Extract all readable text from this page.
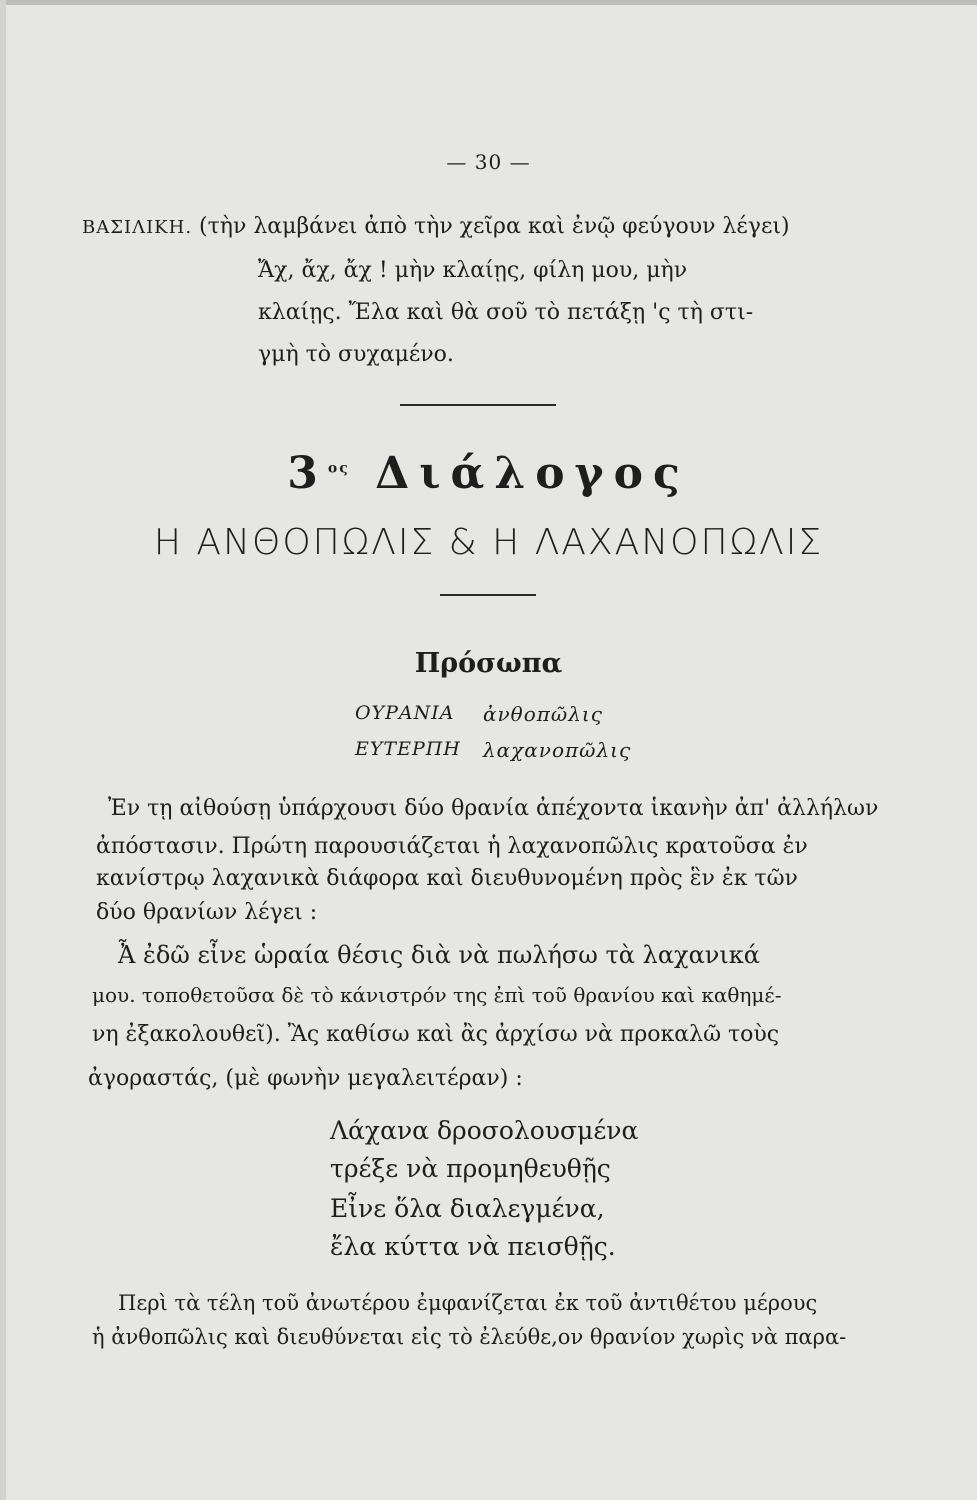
— 30 —
ΒΑΣΙΛΙΚΗ. (τὴν λαμβάνει ἀπὸ τὴν χεῖρα καὶ ἐνῷ φεύγουν λέγει)
Ἄχ, ἄχ, ἄχ ! μὴν κλαίῃς, φίλη μου, μὴν
κλαίῃς. Ἔλα καὶ θὰ σοῦ τὸ πετάξῃ 'ς τὴ στι-
γμὴ τὸ συχαμένο.
$3^{o\varsigma}$ Διάλογος
Η ΑΝΘΟΠΩΛΙΣ & Η ΛΑΧΑΝΟΠΩΛΙΣ
Πρόσωπα
ΟΥΡΑΝΙΑ ἀνθοπῶλις
ΕΥΤΕΡΠΗ λαχανοπῶλις
Ἐν τῃ αἰθούσῃ ὑπάρχουσι δύο θρανία ἀπέχοντα ἱκανὴν ἀπ' ἀλλήλων
ἀπόστασιν. Πρώτη παρουσιάζεται ἡ λαχανοπῶλις κρατοῦσα ἐν
κανίστρῳ λαχανικὰ διάφορα καὶ διευθυνομένη πρὸς ἓν ἐκ τῶν
δύο θρανίων λέγει :
Ἆ ἐδῶ εἶνε ὡραία θέσις διὰ νὰ πωλήσω τὰ λαχανικά
μου. τοποθετοῦσα δὲ τὸ κάνιστρόν της ἐπὶ τοῦ θρανίου καὶ καθημέ-
νη ἐξακολουθεῖ). Ἂς καθίσω καὶ ἂς ἀρχίσω νὰ προκαλῶ τοὺς
ἀγοραστάς, (μὲ φωνὴν μεγαλειτέραν) :
Λάχανα δροσολουσμένα
τρέξε νὰ προμηθευθῇς
Εἶνε ὅλα διαλεγμένα,
ἔλα κύττα νὰ πεισθῇς.
Περὶ τὰ τέλη τοῦ ἀνωτέρου ἐμφανίζεται ἐκ τοῦ ἀντιθέτου μέρους
ἡ ἀνθοπῶλις καὶ διευθύνεται εἰς τὸ ἐλεύθε,ον θρανίον χωρὶς νὰ παρα-
